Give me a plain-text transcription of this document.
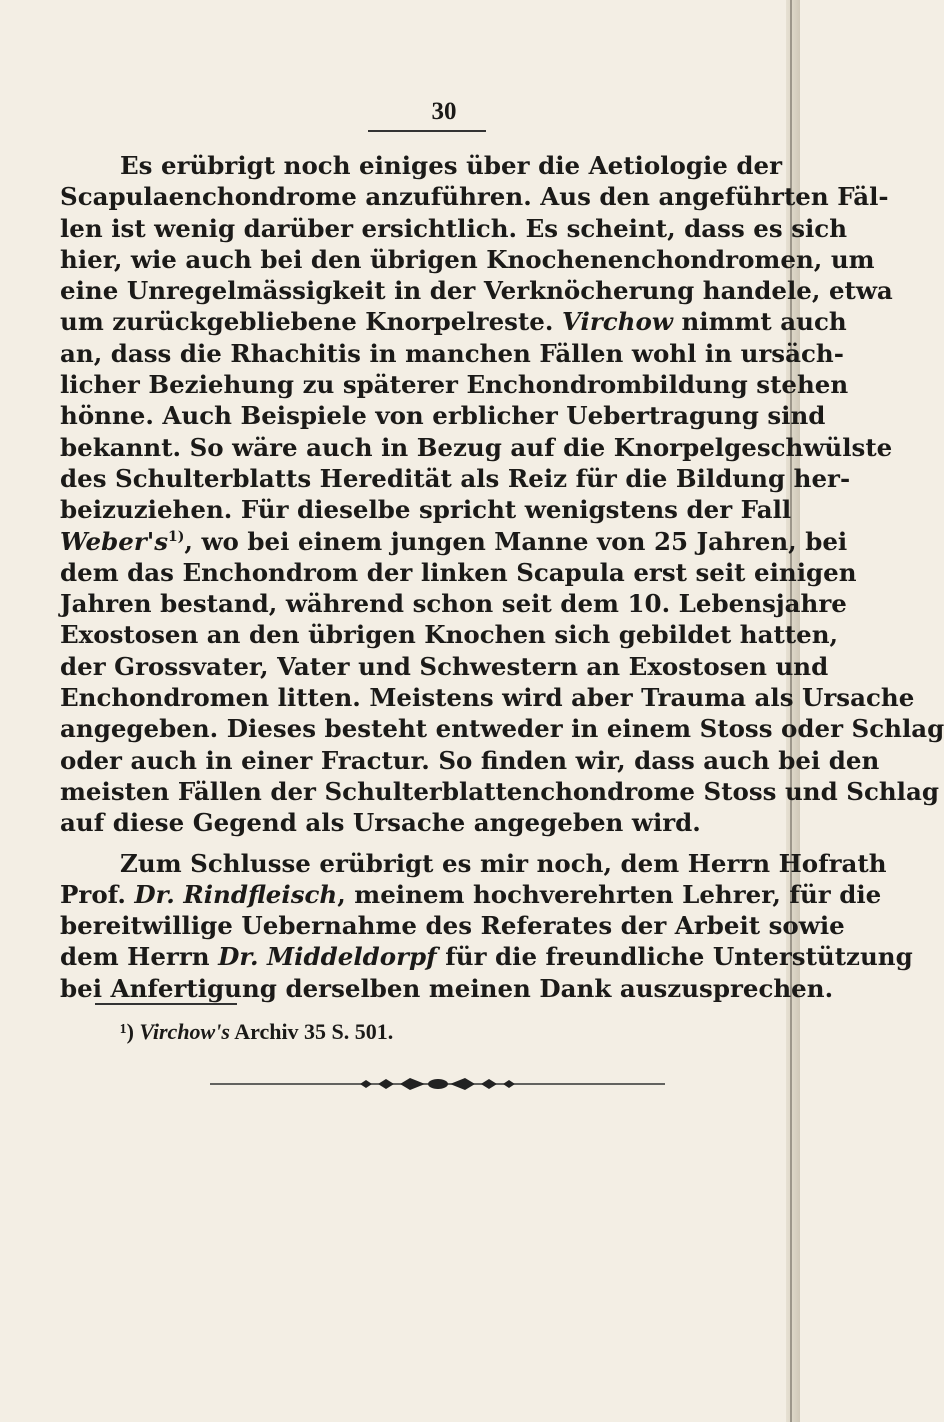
30
Es erübrigt noch einiges über die Aetiologie der
Scapulaenchondrome anzuführen. Aus den angeführten Fäl-
len ist wenig darüber ersichtlich. Es scheint, dass es sich
hier, wie auch bei den übrigen Knochenenchondromen, um
eine Unregelmässigkeit in der Verknöcherung handele, etwa
um zurückgebliebene Knorpelreste. Virchow nimmt auch
an, dass die Rhachitis in manchen Fällen wohl in ursäch-
licher Beziehung zu späterer Enchondrombildung stehen
hönne. Auch Beispiele von erblicher Uebertragung sind
bekannt. So wäre auch in Bezug auf die Knorpelgeschwülste
des Schulterblatts Heredität als Reiz für die Bildung her-
beizuziehen. Für dieselbe spricht wenigstens der Fall
$Weber's^{1)}$, wo bei einem jungen Manne von 25 Jahren, bei
dem das Enchondrom der linken Scapula erst seit einigen
Jahren bestand, während schon seit dem 10. Lebensjahre
Exostosen an den übrigen Knochen sich gebildet hatten,
der Grossvater, Vater und Schwestern an Exostosen und
Enchondromen litten. Meistens wird aber Trauma als Ursache
angegeben. Dieses besteht entweder in einem Stoss oder Schlag
oder auch in einer Fractur. So finden wir, dass auch bei den
meisten Fällen der Schulterblattenchondrome Stoss und Schlag
auf diese Gegend als Ursache angegeben wird.
Zum Schlusse erübrigt es mir noch, dem Herrn Hofrath
Prof. Dr. Rindfleisch, meinem hochverehrten Lehrer, für die
bereitwillige Uebernahme des Referates der Arbeit sowie
dem Herrn Dr. Middeldorpf für die freundliche Unterstützung
bei Anfertigung derselben meinen Dank auszusprechen.
¹) Virchow's Archiv 35 S. 501.
